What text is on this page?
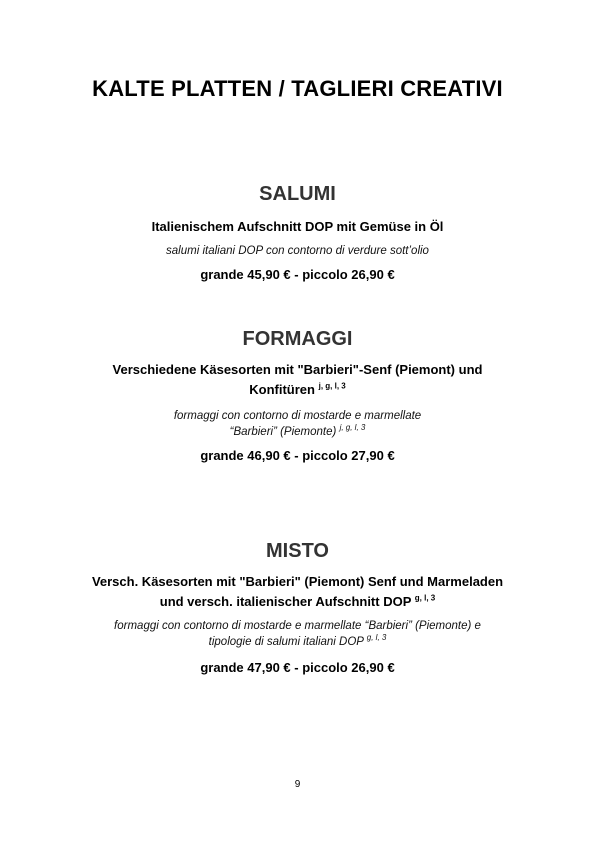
KALTE PLATTEN / TAGLIERI CREATIVI
SALUMI
Italienischem Aufschnitt DOP mit Gemüse in Öl
salumi italiani DOP con contorno di verdure sott’olio
grande 45,90 € - piccolo 26,90 €
FORMAGGI
Verschiedene Käsesorten mit "Barbieri"-Senf (Piemont) und
Konfitüren $^{j, g, l, 3}$
formaggi con contorno di mostarde e marmellate
“Barbieri” (Piemonte) $^{j, g, l, 3}$
grande 46,90 € - piccolo 27,90 €
MISTO
Versch. Käsesorten mit "Barbieri" (Piemont) Senf und Marmeladen
und versch. italienischer Aufschnitt DOP $^{g, l, 3}$
formaggi con contorno di mostarde e marmellate “Barbieri” (Piemonte) e
tipologie di salumi italiani DOP $^{g, l, 3}$
grande 47,90 € - piccolo 26,90 €
9
